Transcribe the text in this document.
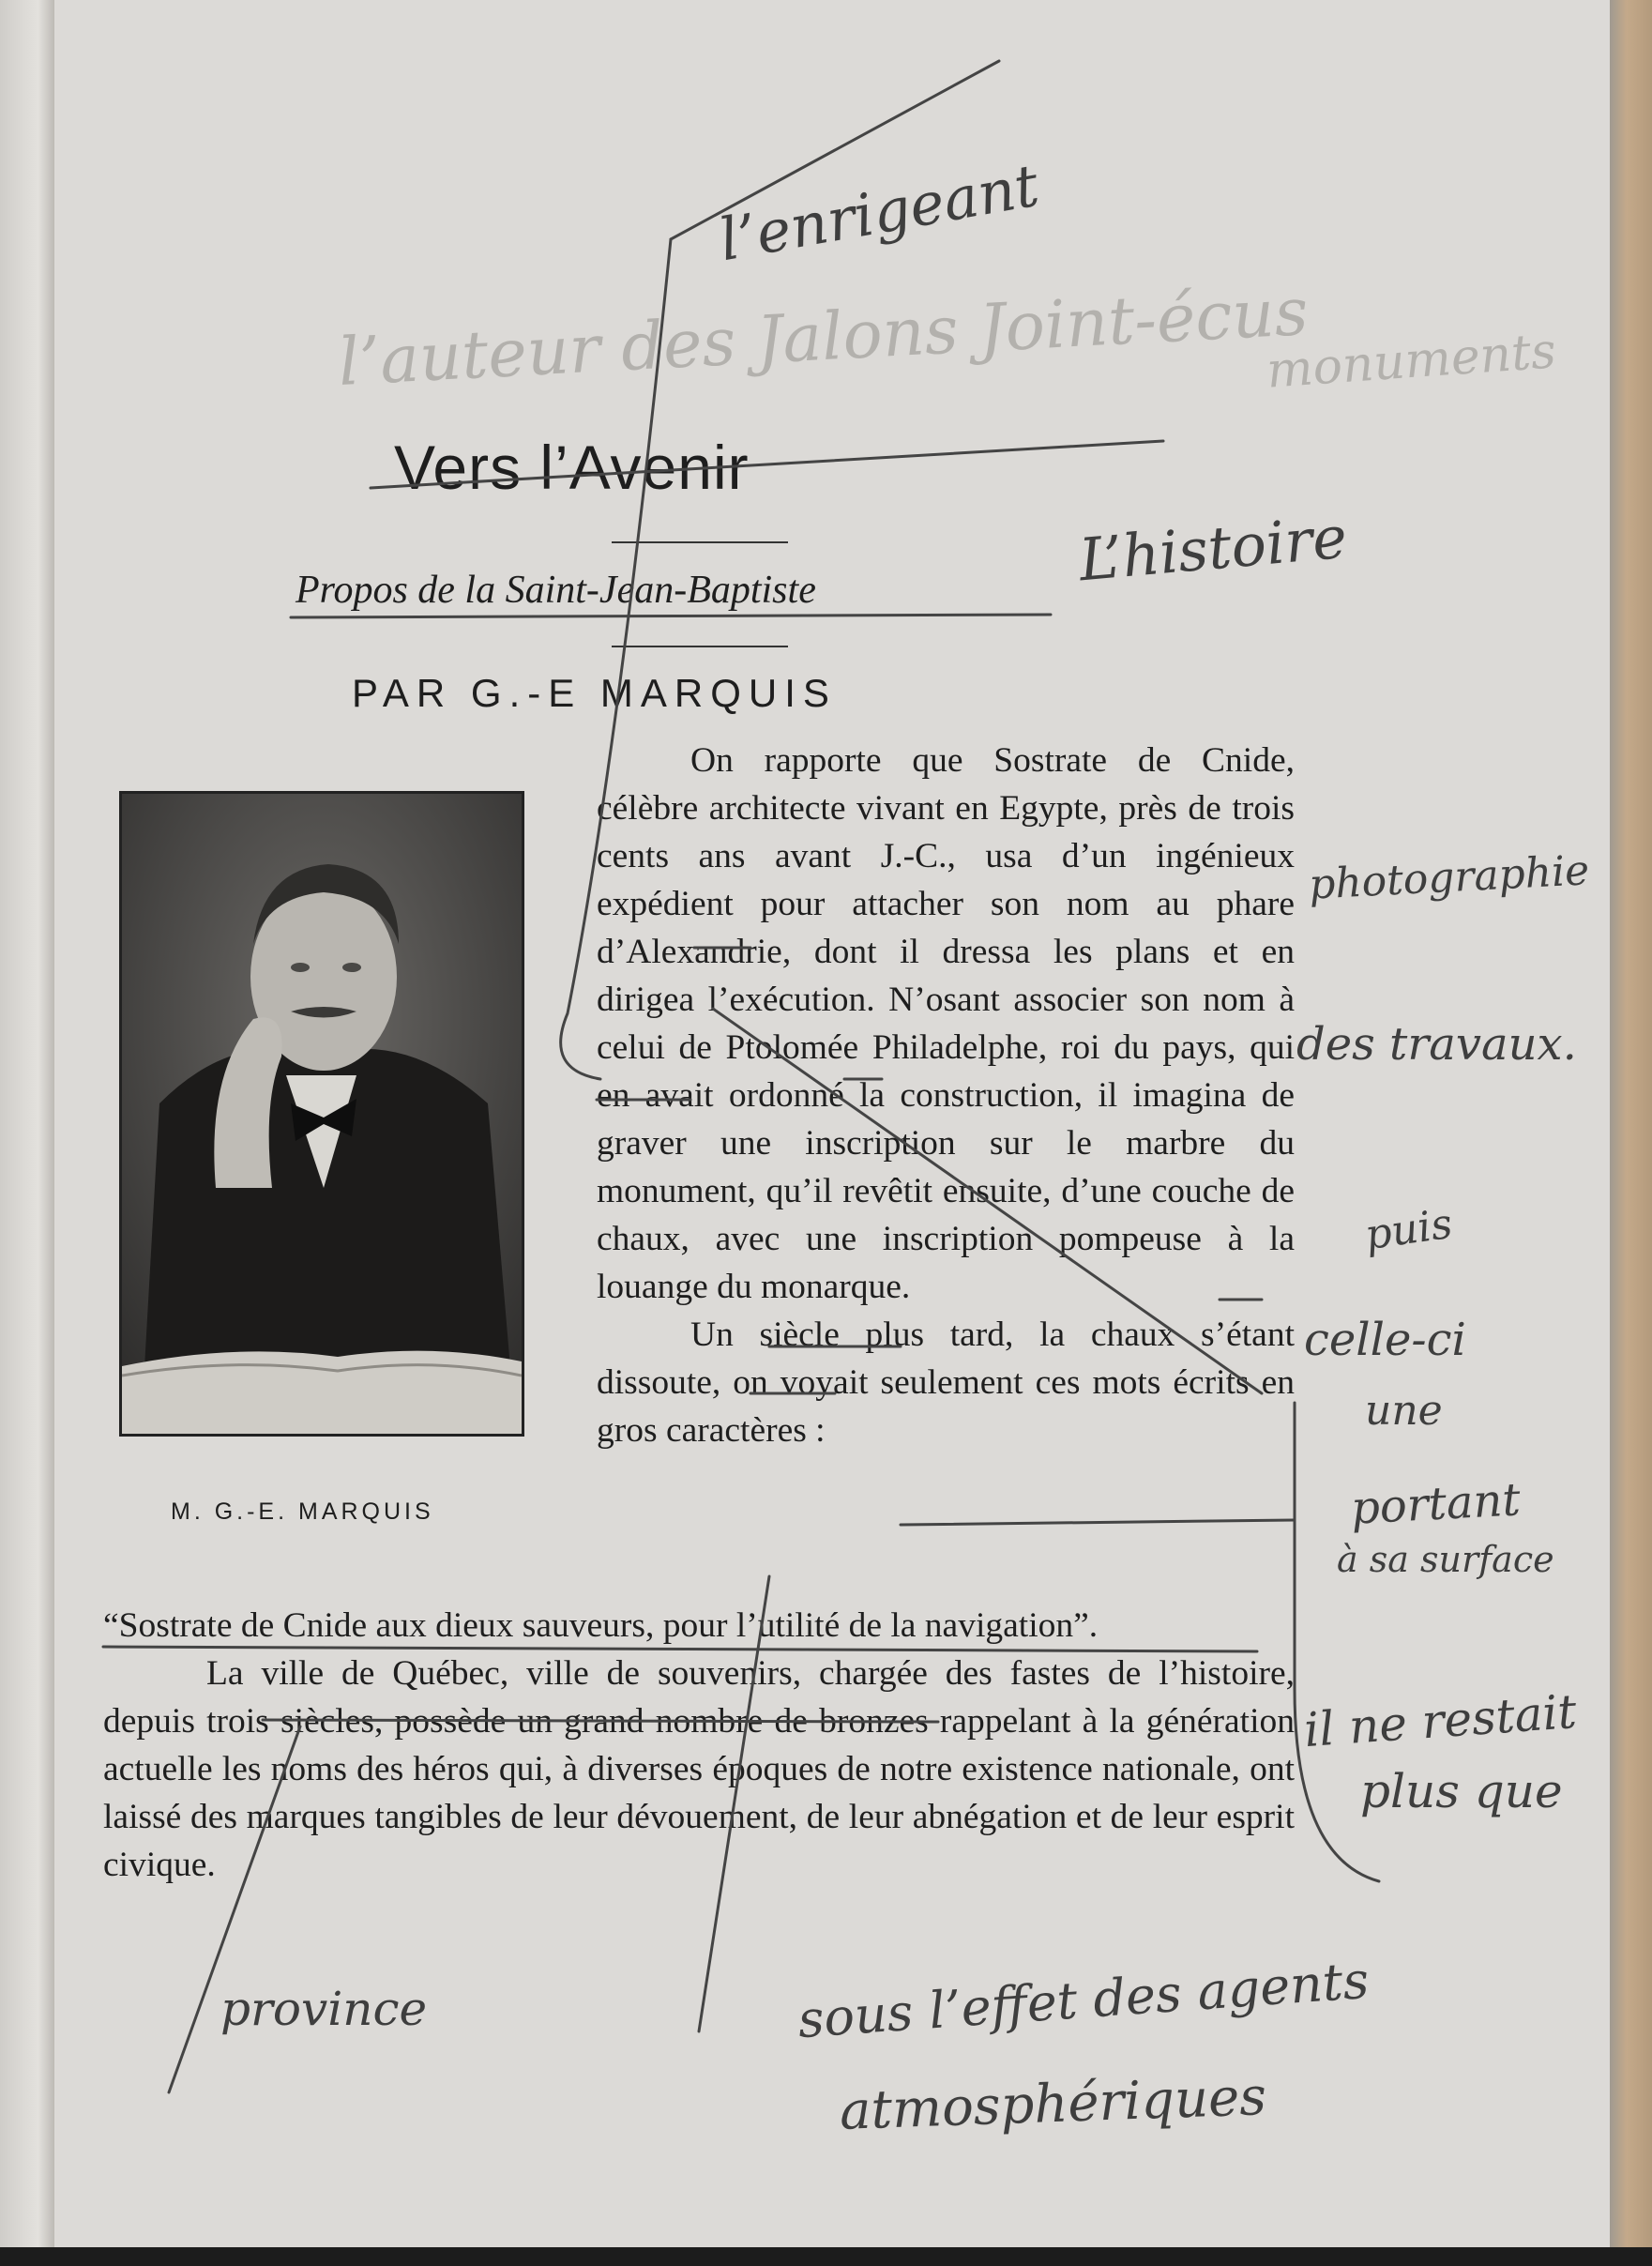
l’auteur des Jalons Joint-écus

monuments

Vers l’Avenir

Propos de la Saint-Jean-Baptiste

PAR G.-E MARQUIS

M. G.-E. MARQUIS

On rapporte que Sostrate de Cnide, célèbre architecte vivant en Egypte, près de trois cents ans avant J.-C., usa d’un ingénieux expédient pour attacher son nom au phare d’Alexandrie, dont il dressa les plans et en dirigea l’exécution. N’osant associer son nom à celui de Ptolomée Philadelphe, roi du pays, qui en avait ordonné la construction, il imagina de graver une inscription sur le marbre du monument, qu’il revêtit ensuite, d’une couche de chaux, avec une inscription pompeuse à la louange du monarque.

Un siècle plus tard, la chaux s’étant dissoute, on voyait seulement ces mots écrits en gros caractères :

“Sostrate de Cnide aux dieux sauveurs, pour l’utilité de la navigation”.

La ville de Québec, ville de souvenirs, chargée des fastes de l’histoire, depuis trois siècles, possède un grand nombre de bronzes rappelant à la génération actuelle les noms des héros qui, à diverses époques de notre existence nationale, ont laissé des marques tangibles de leur dévouement, de leur abnégation et de leur esprit civique.

l’enrigeant

L’histoire

photographie

des travaux.

puis

celle-ci

une

portant

à sa surface

il ne restait

plus que

province	sous l’effet des agents

atmosphériques
